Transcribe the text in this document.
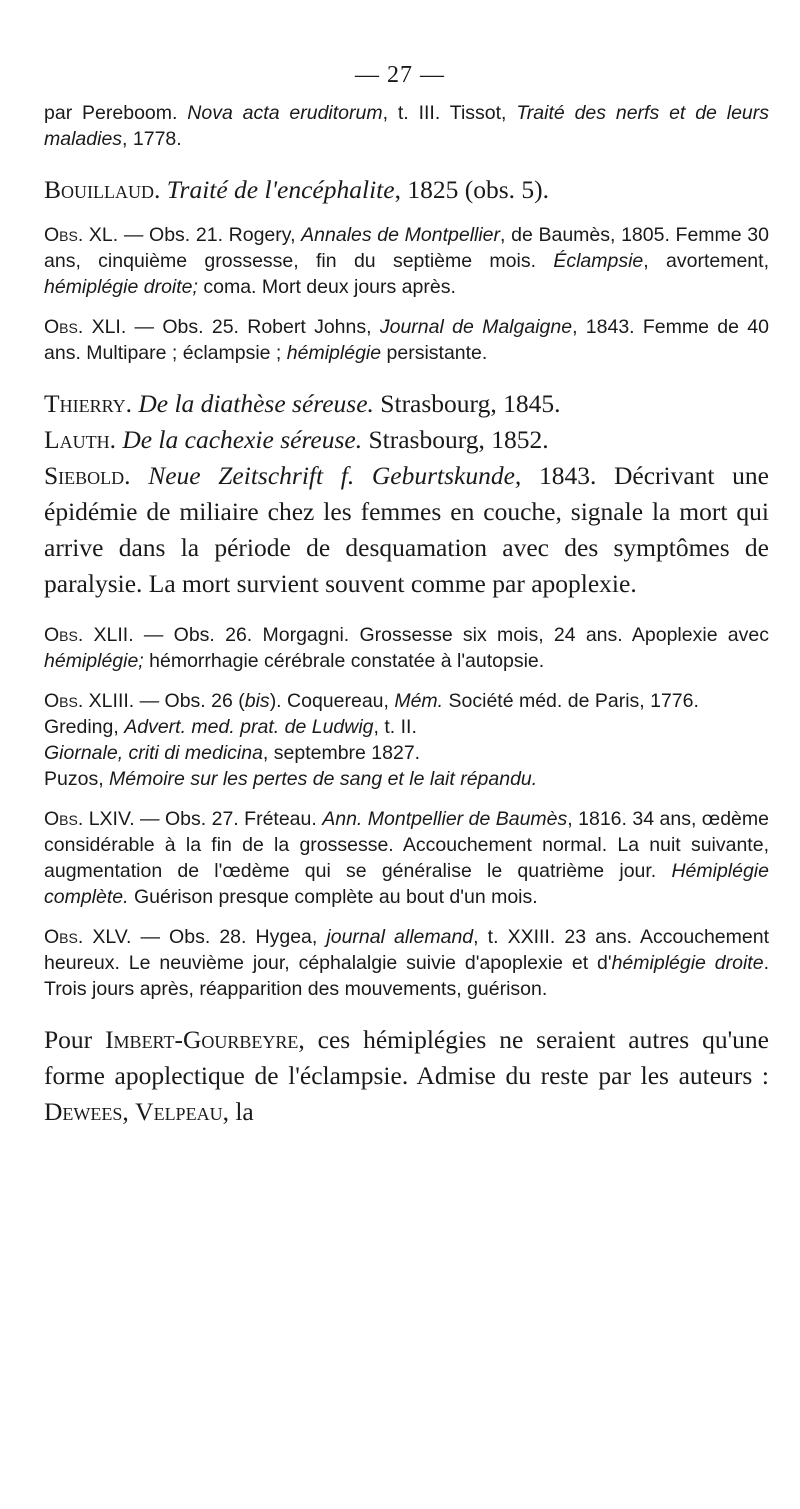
— 27 —

par Pereboom. Nova acta eruditorum, t. III. Tissot, Traité des nerfs et de leurs maladies, 1778.

Bouillaud. Traité de l'encéphalite, 1825 (obs. 5).

Obs. XL. — Obs. 21. Rogery, Annales de Montpellier, de Baumès, 1805. Femme 30 ans, cinquième grossesse, fin du septième mois. Éclampsie, avortement, hémiplégie droite; coma. Mort deux jours après.

Obs. XLI. — Obs. 25. Robert Johns, Journal de Malgaigne, 1843. Femme de 40 ans. Multipare ; éclampsie ; hémiplégie persistante.

Thierry. De la diathèse séreuse. Strasbourg, 1845.

Lauth. De la cachexie séreuse. Strasbourg, 1852.

Siebold. Neue Zeitschrift f. Geburtskunde, 1843. Décrivant une épidémie de miliaire chez les femmes en couche, signale la mort qui arrive dans la période de desquamation avec des symptômes de paralysie. La mort survient souvent comme par apoplexie.

Obs. XLII. — Obs. 26. Morgagni. Grossesse six mois, 24 ans. Apoplexie avec hémiplégie; hémorrhagie cérébrale constatée à l'autopsie.

Obs. XLIII. — Obs. 26 (bis). Coquereau, Mém. Société méd. de Paris, 1776.

Greding, Advert. med. prat. de Ludwig, t. II.

Giornale, criti di medicina, septembre 1827.

Puzos, Mémoire sur les pertes de sang et le lait répandu.

Obs. LXIV. — Obs. 27. Fréteau. Ann. Montpellier de Baumès, 1816. 34 ans, œdème considérable à la fin de la grossesse. Accouchement normal. La nuit suivante, augmentation de l'œdème qui se généralise le quatrième jour. Hémiplégie complète. Guérison presque complète au bout d'un mois.

Obs. XLV. — Obs. 28. Hygea, journal allemand, t. XXIII. 23 ans. Accouchement heureux. Le neuvième jour, céphalalgie suivie d'apoplexie et d'hémiplégie droite. Trois jours après, réapparition des mouvements, guérison.

Pour Imbert-Gourbeyre, ces hémiplégies ne seraient autres qu'une forme apoplectique de l'éclampsie. Admise du reste par les auteurs : Dewees, Velpeau, la
